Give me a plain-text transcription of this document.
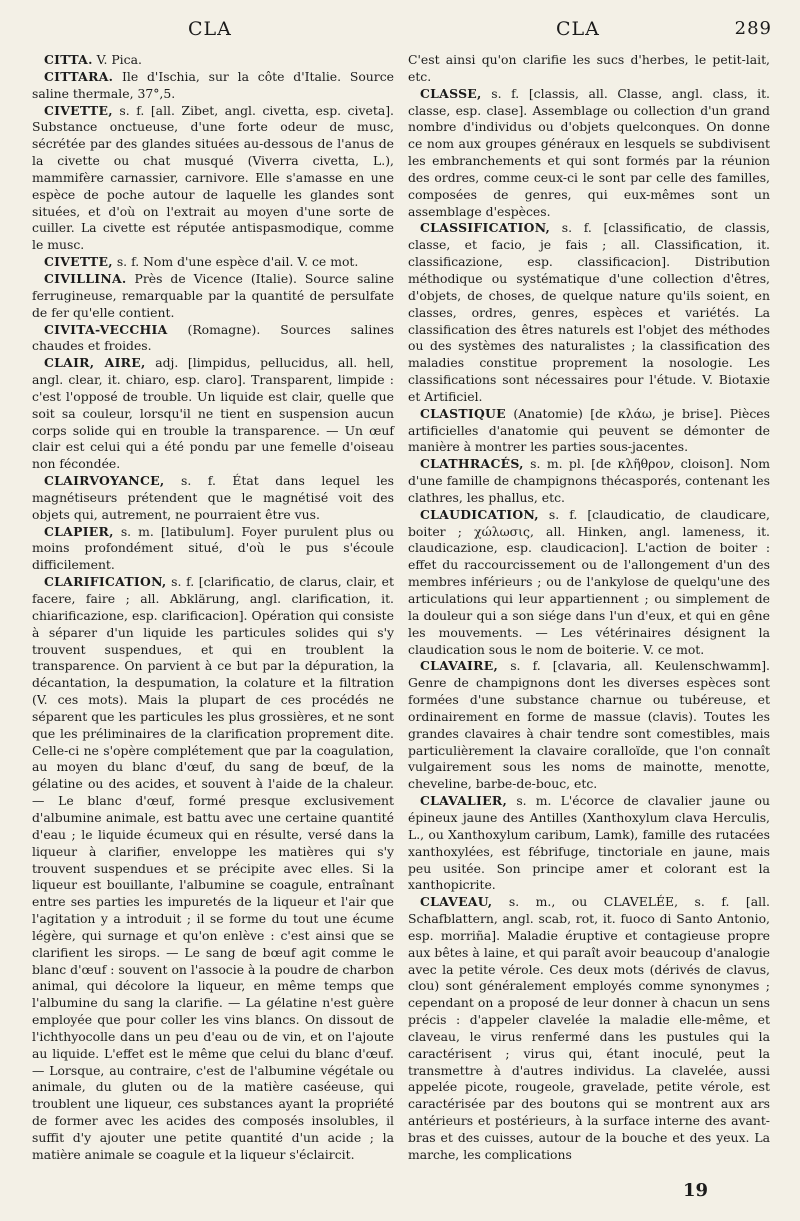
CLA	CLA	289

CITTA. V. Pica.

CITTARA. Ile d'Ischia, sur la côte d'Italie. Source saline thermale, 37°,5.

CIVETTE, s. f. [all. Zibet, angl. civetta, esp. civeta]. Substance onctueuse, d'une forte odeur de musc, sécrétée par des glandes situées au-dessous de l'anus de la civette ou chat musqué (Viverra civetta, L.), mammifère carnassier, carnivore. Elle s'amasse en une espèce de poche autour de laquelle les glandes sont situées, et d'où on l'extrait au moyen d'une sorte de cuiller. La civette est réputée antispasmodique, comme le musc.

CIVETTE, s. f. Nom d'une espèce d'ail. V. ce mot.

CIVILLINA. Près de Vicence (Italie). Source saline ferrugineuse, remarquable par la quantité de persulfate de fer qu'elle contient.

CIVITA-VECCHIA (Romagne). Sources salines chaudes et froides.

CLAIR, AIRE, adj. [limpidus, pellucidus, all. hell, angl. clear, it. chiaro, esp. claro]. Transparent, limpide : c'est l'opposé de trouble. Un liquide est clair, quelle que soit sa couleur, lorsqu'il ne tient en suspension aucun corps solide qui en trouble la transparence. — Un œuf clair est celui qui a été pondu par une femelle d'oiseau non fécondée.

CLAIRVOYANCE, s. f. État dans lequel les magnétiseurs prétendent que le magnétisé voit des objets qui, autrement, ne pourraient être vus.

CLAPIER, s. m. [latibulum]. Foyer purulent plus ou moins profondément situé, d'où le pus s'écoule difficilement.

CLARIFICATION, s. f. [clarificatio, de clarus, clair, et facere, faire ; all. Abklärung, angl. clarification, it. chiarificazione, esp. clarificacion]. Opération qui consiste à séparer d'un liquide les particules solides qui s'y trouvent suspendues, et qui en troublent la transparence. On parvient à ce but par la dépuration, la décantation, la despumation, la colature et la filtration (V. ces mots). Mais la plupart de ces procédés ne séparent que les particules les plus grossières, et ne sont que les préliminaires de la clarification proprement dite. Celle-ci ne s'opère complétement que par la coagulation, au moyen du blanc d'œuf, du sang de bœuf, de la gélatine ou des acides, et souvent à l'aide de la chaleur. — Le blanc d'œuf, formé presque exclusivement d'albumine animale, est battu avec une certaine quantité d'eau ; le liquide écumeux qui en résulte, versé dans la liqueur à clarifier, enveloppe les matières qui s'y trouvent suspendues et se précipite avec elles. Si la liqueur est bouillante, l'albumine se coagule, entraînant entre ses parties les impuretés de la liqueur et l'air que l'agitation y a introduit ; il se forme du tout une écume légère, qui surnage et qu'on enlève : c'est ainsi que se clarifient les sirops. — Le sang de bœuf agit comme le blanc d'œuf : souvent on l'associe à la poudre de charbon animal, qui décolore la liqueur, en même temps que l'albumine du sang la clarifie. — La gélatine n'est guère employée que pour coller les vins blancs. On dissout de l'ichthyocolle dans un peu d'eau ou de vin, et on l'ajoute au liquide. L'effet est le même que celui du blanc d'œuf. — Lorsque, au contraire, c'est de l'albumine végétale ou animale, du gluten ou de la matière caséeuse, qui troublent une liqueur, ces substances ayant la propriété de former avec les acides des composés insolubles, il suffit d'y ajouter une petite quantité d'un acide ; la matière animale se coagule et la liqueur s'éclaircit.

C'est ainsi qu'on clarifie les sucs d'herbes, le petit-lait, etc.

CLASSE, s. f. [classis, all. Classe, angl. class, it. classe, esp. clase]. Assemblage ou collection d'un grand nombre d'individus ou d'objets quelconques. On donne ce nom aux groupes généraux en lesquels se subdivisent les embranchements et qui sont formés par la réunion des ordres, comme ceux-ci le sont par celle des familles, composées de genres, qui eux-mêmes sont un assemblage d'espèces.

CLASSIFICATION, s. f. [classificatio, de classis, classe, et facio, je fais ; all. Classification, it. classificazione, esp. classificacion]. Distribution méthodique ou systématique d'une collection d'êtres, d'objets, de choses, de quelque nature qu'ils soient, en classes, ordres, genres, espèces et variétés. La classification des êtres naturels est l'objet des méthodes ou des systèmes des naturalistes ; la classification des maladies constitue proprement la nosologie. Les classifications sont nécessaires pour l'étude. V. Biotaxie et Artificiel.

CLASTIQUE (Anatomie) [de κλάω, je brise]. Pièces artificielles d'anatomie qui peuvent se démonter de manière à montrer les parties sous-jacentes.

CLATHRACÉS, s. m. pl. [de κλῆθρον, cloison]. Nom d'une famille de champignons thécasporés, contenant les clathres, les phallus, etc.

CLAUDICATION, s. f. [claudicatio, de claudicare, boiter ; χώλωσις, all. Hinken, angl. lameness, it. claudicazione, esp. claudicacion]. L'action de boiter : effet du raccourcissement ou de l'allongement d'un des membres inférieurs ; ou de l'ankylose de quelqu'une des articulations qui leur appartiennent ; ou simplement de la douleur qui a son siége dans l'un d'eux, et qui en gêne les mouvements. — Les vétérinaires désignent la claudication sous le nom de boiterie. V. ce mot.

CLAVAIRE, s. f. [clavaria, all. Keulenschwamm]. Genre de champignons dont les diverses espèces sont formées d'une substance charnue ou tubéreuse, et ordinairement en forme de massue (clavis). Toutes les grandes clavaires à chair tendre sont comestibles, mais particulièrement la clavaire coralloïde, que l'on connaît vulgairement sous les noms de mainotte, menotte, cheveline, barbe-de-bouc, etc.

CLAVALIER, s. m. L'écorce de clavalier jaune ou épineux jaune des Antilles (Xanthoxylum clava Herculis, L., ou Xanthoxylum caribum, Lamk), famille des rutacées xanthoxylées, est fébrifuge, tinctoriale en jaune, mais peu usitée. Son principe amer et colorant est la xanthopicrite.

CLAVEAU, s. m., ou CLAVELÉE, s. f. [all. Schafblattern, angl. scab, rot, it. fuoco di Santo Antonio, esp. morriña]. Maladie éruptive et contagieuse propre aux bêtes à laine, et qui paraît avoir beaucoup d'analogie avec la petite vérole. Ces deux mots (dérivés de clavus, clou) sont généralement employés comme synonymes ; cependant on a proposé de leur donner à chacun un sens précis : d'appeler clavelée la maladie elle-même, et claveau, le virus renfermé dans les pustules qui la caractérisent ; virus qui, étant inoculé, peut la transmettre à d'autres individus. La clavelée, aussi appelée picote, rougeole, gravelade, petite vérole, est caractérisée par des boutons qui se montrent aux ars antérieurs et postérieurs, à la surface interne des avant-bras et des cuisses, autour de la bouche et des yeux. La marche, les complications

19
